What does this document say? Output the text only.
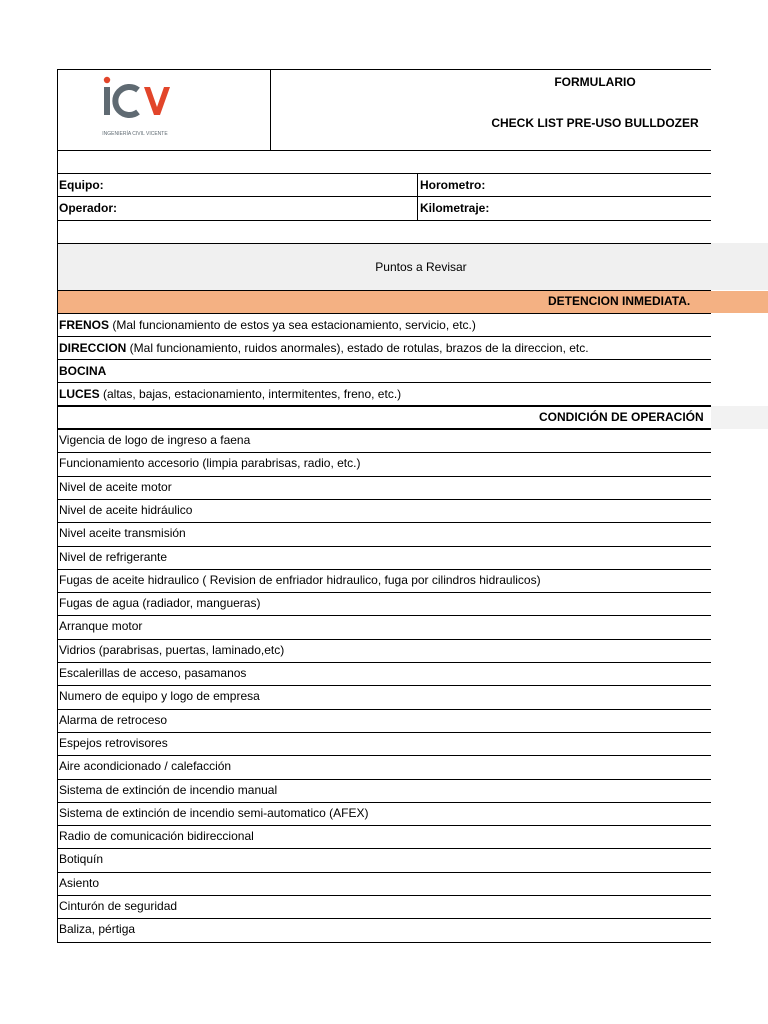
INGENIERÍA CIVIL VICENTE
FORMULARIO
CHECK LIST PRE-USO BULLDOZER
Equipo:	Horometro:
Operador:	Kilometraje:
Puntos a Revisar
DETENCION INMEDIATA.
FRENOS (Mal funcionamiento de estos ya sea estacionamiento, servicio, etc.)
DIRECCION (Mal funcionamiento, ruidos anormales), estado de rotulas, brazos de la direccion, etc.
BOCINA
LUCES (altas, bajas, estacionamiento, intermitentes, freno, etc.)
CONDICIÓN DE OPERACIÓN
Vigencia de logo de ingreso a faena
Funcionamiento accesorio (limpia parabrisas, radio, etc.)
Nivel de aceite motor
Nivel de aceite hidráulico
Nivel aceite transmisión
Nivel de refrigerante
Fugas de aceite hidraulico ( Revision de enfriador hidraulico, fuga por cilindros hidraulicos)
Fugas de agua (radiador, mangueras)
Arranque motor
Vidrios (parabrisas, puertas, laminado,etc)
Escalerillas de acceso, pasamanos
Numero de equipo y logo de empresa
Alarma de retroceso
Espejos retrovisores
Aire acondicionado / calefacción
Sistema de extinción de incendio manual
Sistema de extinción de incendio semi-automatico (AFEX)
Radio de comunicación bidireccional
Botiquín
Asiento
Cinturón de seguridad
Baliza, pértiga
